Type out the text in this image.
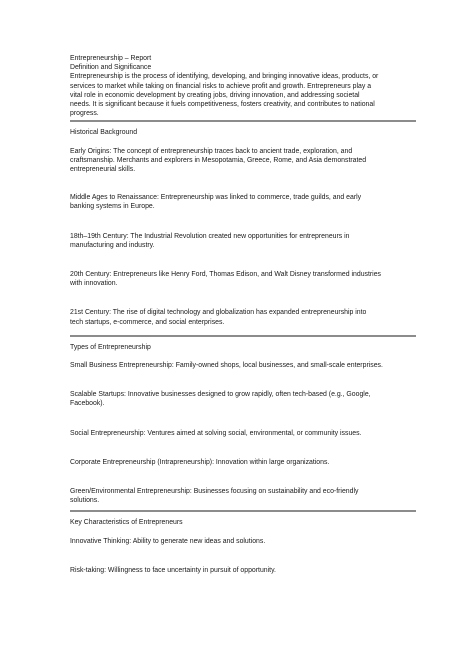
Entrepreneurship – Report
Definition and Significance
Entrepreneurship is the process of identifying, developing, and bringing innovative ideas, products, or
services to market while taking on financial risks to achieve profit and growth. Entrepreneurs play a
vital role in economic development by creating jobs, driving innovation, and addressing societal
needs. It is significant because it fuels competitiveness, fosters creativity, and contributes to national
progress.
Historical Background
Early Origins: The concept of entrepreneurship traces back to ancient trade, exploration, and
craftsmanship. Merchants and explorers in Mesopotamia, Greece, Rome, and Asia demonstrated
entrepreneurial skills.
Middle Ages to Renaissance: Entrepreneurship was linked to commerce, trade guilds, and early
banking systems in Europe.
18th–19th Century: The Industrial Revolution created new opportunities for entrepreneurs in
manufacturing and industry.
20th Century: Entrepreneurs like Henry Ford, Thomas Edison, and Walt Disney transformed industries
with innovation.
21st Century: The rise of digital technology and globalization has expanded entrepreneurship into
tech startups, e-commerce, and social enterprises.
Types of Entrepreneurship
Small Business Entrepreneurship: Family-owned shops, local businesses, and small-scale enterprises.
Scalable Startups: Innovative businesses designed to grow rapidly, often tech-based (e.g., Google,
Facebook).
Social Entrepreneurship: Ventures aimed at solving social, environmental, or community issues.
Corporate Entrepreneurship (Intrapreneurship): Innovation within large organizations.
Green/Environmental Entrepreneurship: Businesses focusing on sustainability and eco-friendly
solutions.
Key Characteristics of Entrepreneurs
Innovative Thinking: Ability to generate new ideas and solutions.
Risk-taking: Willingness to face uncertainty in pursuit of opportunity.
